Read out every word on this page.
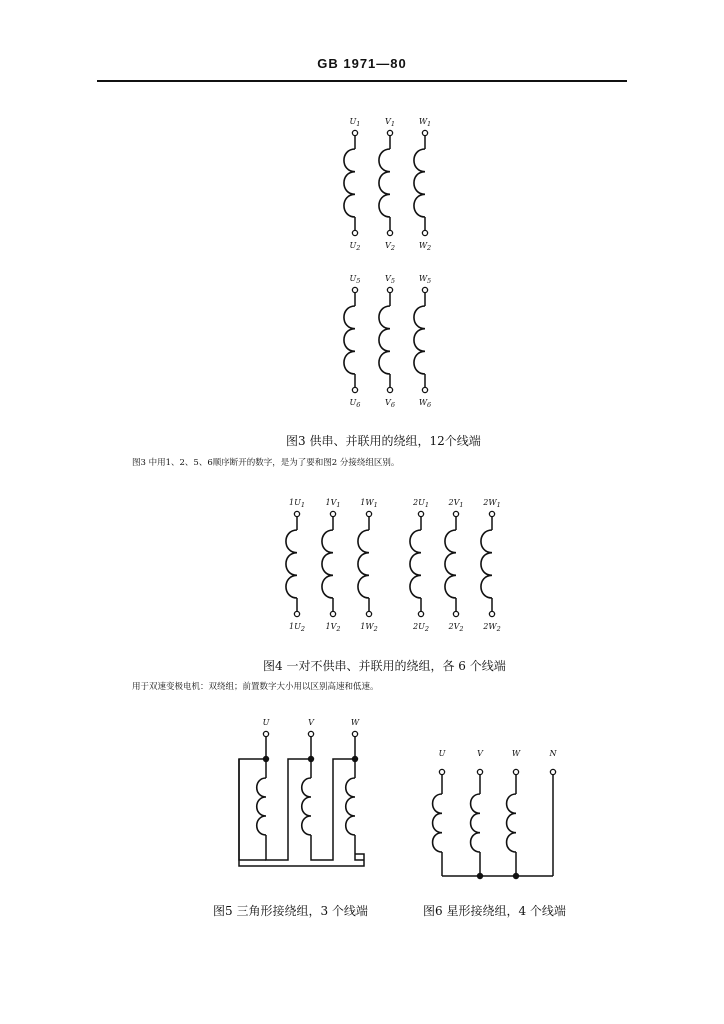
GB 1971—80
$U_1$
$U_2$
$V_1$
$V_2$
$W_1$
$W_2$
$U_5$
$U_6$
$V_5$
$V_6$
$W_5$
$W_6$
$1U_1$
$1U_2$
$1V_1$
$1V_2$
$1W_1$
$1W_2$
$2U_1$
$2U_2$
$2V_1$
$2V_2$
$2W_1$
$2W_2$
U	V	W
U	V	W	N
图3 供串、并联用的绕组，12个线端
图3 中用1、2、5、6顺序断开的数字，是为了要和图2 分接绕组区别。
图4 一对不供串、并联用的绕组，各 6 个线端
用于双速变极电机：双绕组；前置数字大小用以区别高速和低速。
图5 三角形接绕组，3 个线端	图6 星形接绕组，4 个线端
